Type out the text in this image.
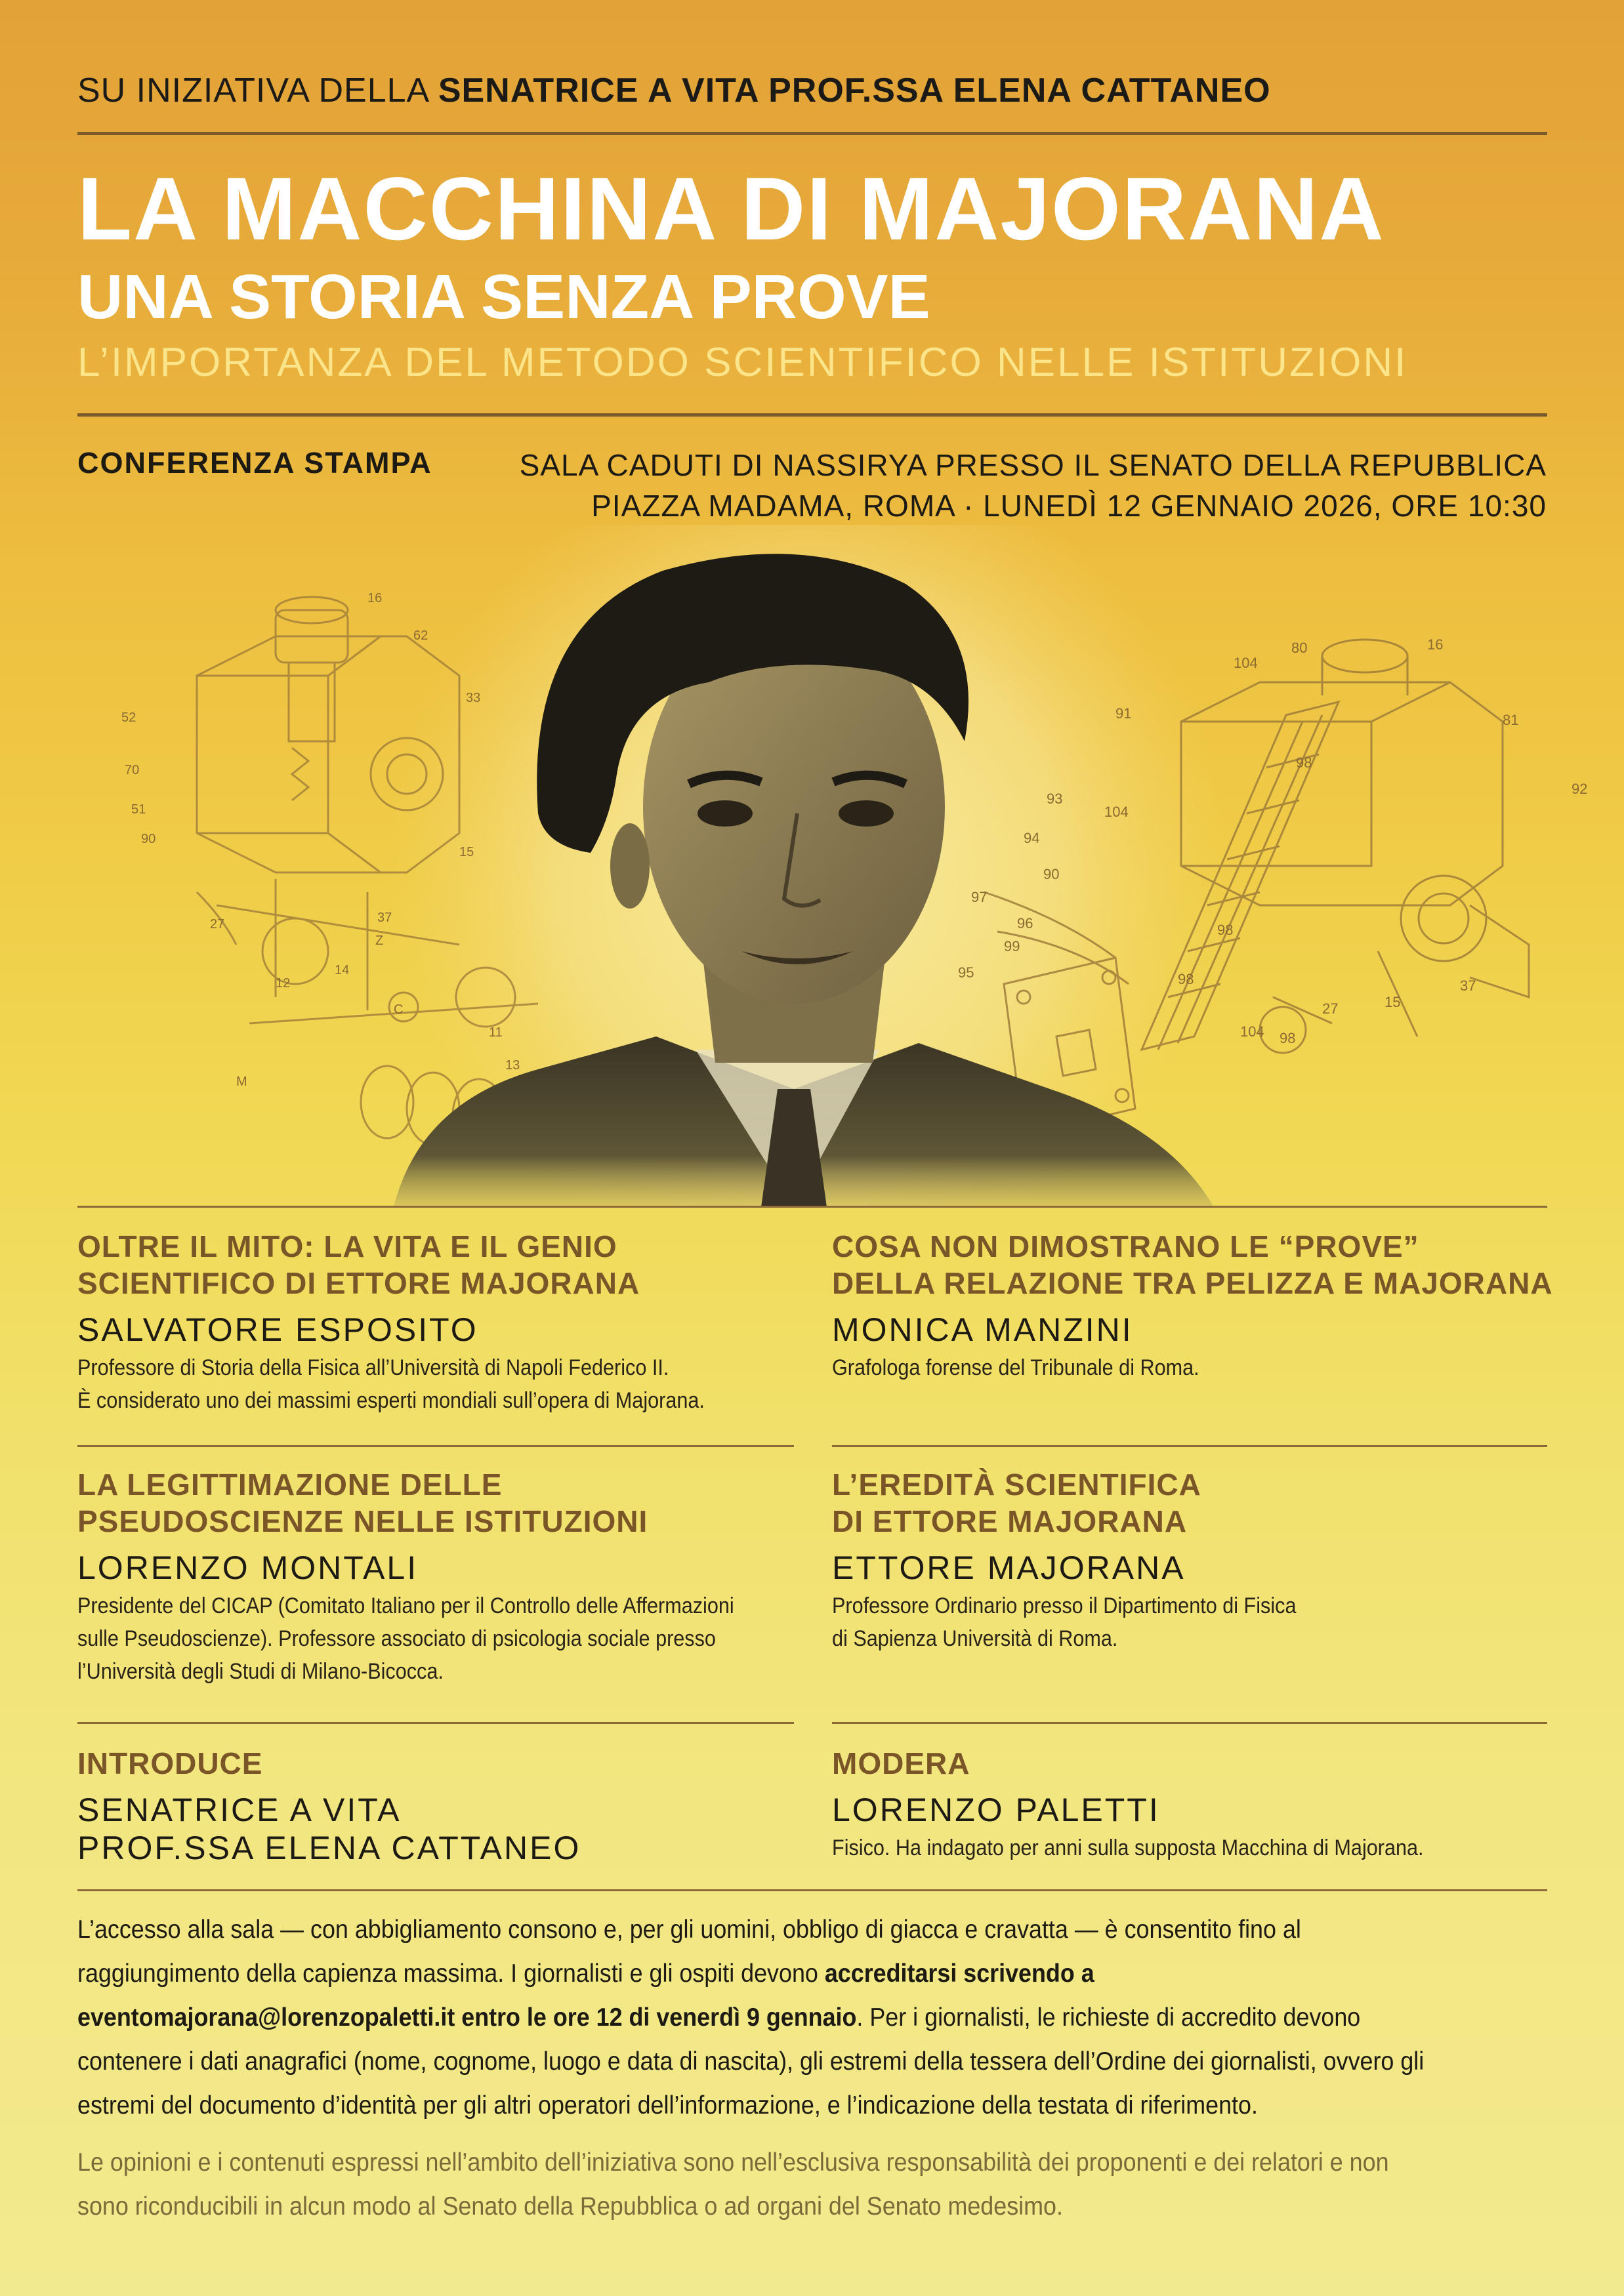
SU INIZIATIVA DELLA SENATRICE A VITA PROF.SSA ELENA CATTANEO
LA MACCHINA DI MAJORANA
UNA STORIA SENZA PROVE
L’IMPORTANZA DEL METODO SCIENTIFICO NELLE ISTITUZIONI
CONFERENZA STAMPA	SALA CADUTI DI NASSIRYA PRESSO IL SENATO DELLA REPUBBLICA
PIAZZA MADAMA, ROMA · LUNEDÌ 12 GENNAIO 2026, ORE 10:30
16
62
33
52
70
51
90
27	37
15
14
12
11
13
C
Z
M
80	16
104
91	81
92
93
104
94
90
97
96
99
95
98
98
98
27	15
37
104 98
OLTRE IL MITO: LA VITA E IL GENIO
SCIENTIFICO DI ETTORE MAJORANA
SALVATORE ESPOSITO
Professore di Storia della Fisica all’Università di Napoli Federico II.
È considerato uno dei massimi esperti mondiali sull’opera di Majorana.
COSA NON DIMOSTRANO LE “PROVE”
DELLA RELAZIONE TRA PELIZZA E MAJORANA
MONICA MANZINI
Grafologa forense del Tribunale di Roma.
LA LEGITTIMAZIONE DELLE
PSEUDOSCIENZE NELLE ISTITUZIONI
LORENZO MONTALI
Presidente del CICAP (Comitato Italiano per il Controllo delle Affermazioni
sulle Pseudoscienze). Professore associato di psicologia sociale presso
l’Università degli Studi di Milano-Bicocca.
L’EREDITÀ SCIENTIFICA
DI ETTORE MAJORANA
ETTORE MAJORANA
Professore Ordinario presso il Dipartimento di Fisica
di Sapienza Università di Roma.
INTRODUCE
SENATRICE A VITA
PROF.SSA ELENA CATTANEO
MODERA
LORENZO PALETTI
Fisico. Ha indagato per anni sulla supposta Macchina di Majorana.
L’accesso alla sala — con abbigliamento consono e, per gli uomini, obbligo di giacca e cravatta — è consentito fino al raggiungimento della capienza massima. I giornalisti e gli ospiti devono accreditarsi scrivendo a eventomajorana@lorenzopaletti.it entro le ore 12 di venerdì 9 gennaio. Per i giornalisti, le richieste di accredito devono contenere i dati anagrafici (nome, cognome, luogo e data di nascita), gli estremi della tessera dell’Ordine dei giornalisti, ovvero gli estremi del documento d’identità per gli altri operatori dell’informazione, e l’indicazione della testata di riferimento.
Le opinioni e i contenuti espressi nell’ambito dell’iniziativa sono nell’esclusiva responsabilità dei proponenti e dei relatori e non sono riconducibili in alcun modo al Senato della Repubblica o ad organi del Senato medesimo.
